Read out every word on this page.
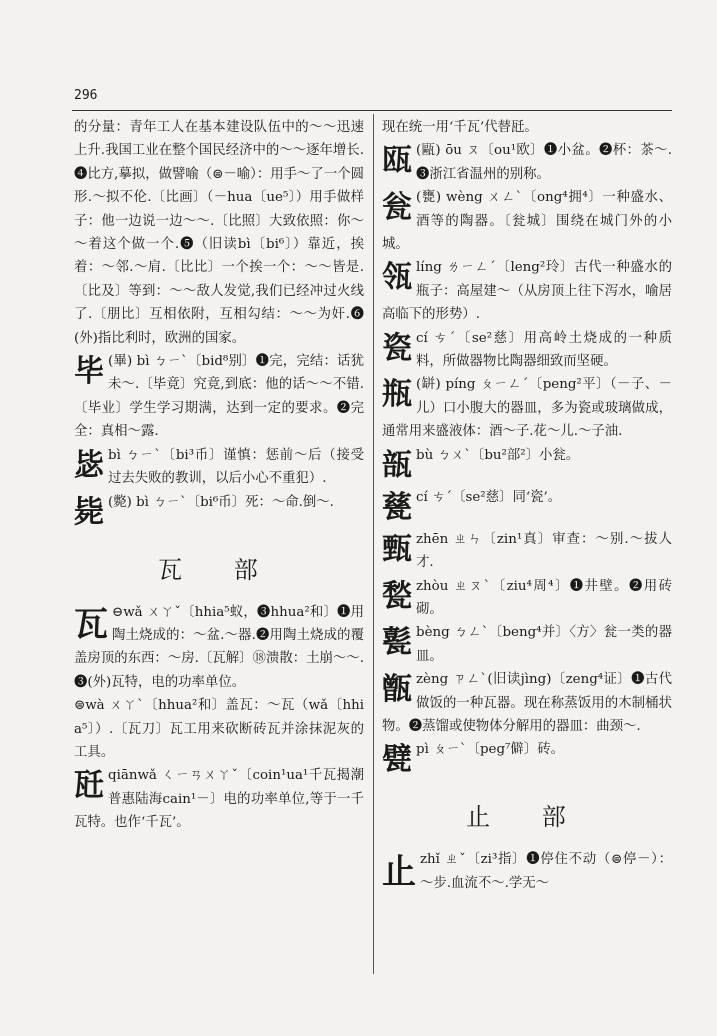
296

的分量：青年工人在基本建设队伍中的～～迅速上升.我国工业在整个国民经济中的～～逐年增长.❹比方,摹拟，做譬喻（⊜－喻）：用手～了一个圆形.～拟不伦.〔比画〕（－hua〔ue⁵〕）用手做样子：他一边说一边～～.〔比照〕大致依照：你～～着这个做一个.❺（旧读bì〔bi⁶〕）靠近，挨着：～邻.～肩.〔比比〕一个挨一个：～～皆是.〔比及〕等到：～～敌人发觉,我们已经冲过火线了.〔朋比〕互相依附，互相勾结：～～为奸.❻(外)指比利时，欧洲的国家。

毕 (畢) bì ㄅㄧˋ〔bid⁸别〕❶完，完结：话犹未～.〔毕竟〕究竟,到底：他的话～～不错.〔毕业〕学生学习期满，达到一定的要求。❷完全：真相～露.

毖 bì ㄅㄧˋ〔bi³币〕谨慎：惩前～后（接受过去失败的教训，以后小心不重犯）.

毙 (斃) bì ㄅㄧˋ〔bi⁶币〕死：～命.倒～.

瓦 部

瓦 ⊖wǎ ㄨㄚˇ〔hhia⁵蚁，❸hhua²和〕❶用陶土烧成的：～盆.～器.❷用陶土烧成的覆盖房顶的东西：～房.〔瓦解〕⑱溃散：土崩～～.❸(外)瓦特，电的功率单位。

⊜wà ㄨㄚˋ〔hhua²和〕盖瓦：～瓦（wǎ〔hhia⁵〕）.〔瓦刀〕瓦工用来砍断砖瓦并涂抹泥灰的工具。

瓩 qiānwǎ ㄑㄧㄢㄨㄚˇ〔coin¹ua¹千瓦揭潮普惠陆海cain¹－〕电的功率单位,等于一千瓦特。也作‘千瓦’。

现在统一用‘千瓦’代替瓩。

瓯 (甌) ōu ㄡ〔ou¹欧〕❶小盆。❷杯：茶～.❸浙江省温州的别称。

瓮 (甕) wèng ㄨㄥˋ〔ong⁴拥⁴〕一种盛水、酒等的陶器。〔瓮城〕围绕在城门外的小城。

瓴 líng ㄌㄧㄥˊ〔leng²玲〕古代一种盛水的瓶子：高屋建～（从房顶上往下泻水，喻居高临下的形势）.

瓷 cí ㄘˊ〔se²慈〕用高岭土烧成的一种质料，所做器物比陶器细致而坚硬。

瓶 (缾) píng ㄆㄧㄥˊ〔peng²平〕（－子、－儿）口小腹大的器皿，多为瓷或玻璃做成，通常用来盛液体：酒～子.花～儿.～子油.

瓿 bù ㄅㄨˋ〔bu²部²〕小瓮。

甆 cí ㄘˊ〔se²慈〕同‘瓷’。

甄 zhēn ㄓㄣ〔zin¹真〕审查：～别.～拔人才.

甃 zhòu ㄓㄡˋ〔ziu⁴周⁴〕❶井壁。❷用砖砌。

甏 bèng ㄅㄥˋ〔beng⁴并〕〈方〉瓮一类的器皿。

甑 zèng ㄗㄥˋ(旧读jìng)〔zeng⁴证〕❶古代做饭的一种瓦器。现在称蒸饭用的木制桶状物。❷蒸馏或使物体分解用的器皿：曲颈～.

甓 pì ㄆㄧˋ〔peg⁷僻〕砖。

止 部

止 zhǐ ㄓˇ〔zi³指〕❶停住不动（⊜停－）：～步.血流不～.学无～
